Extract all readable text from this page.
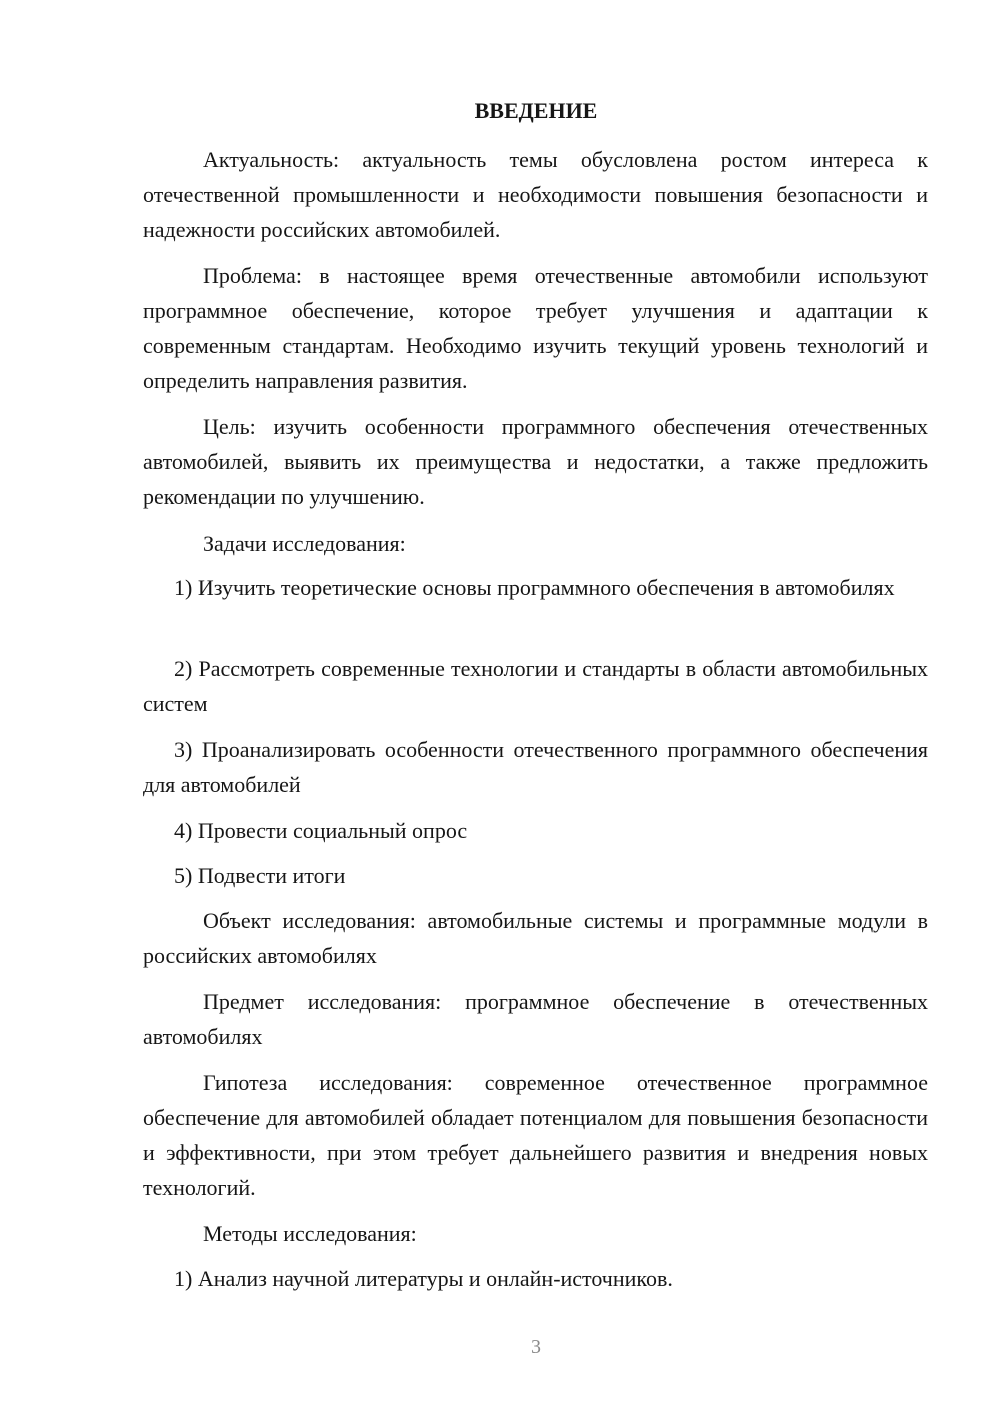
ВВЕДЕНИЕ

Актуальность: актуальность темы обусловлена ростом интереса к отечественной промышленности и необходимости повышения безопасности и надежности российских автомобилей.

Проблема: в настоящее время отечественные автомобили используют программное обеспечение, которое требует улучшения и адаптации к современным стандартам. Необходимо изучить текущий уровень технологий и определить направления развития.

Цель: изучить особенности программного обеспечения отечественных автомобилей, выявить их преимущества и недостатки, а также предложить рекомендации по улучшению.

Задачи исследования:

1) Изучить теоретические основы программного обеспечения в автомобилях

2) Рассмотреть современные технологии и стандарты в области автомобильных систем

3) Проанализировать особенности отечественного программного обеспечения для автомобилей

4) Провести социальный опрос

5) Подвести итоги

Объект исследования: автомобильные системы и программные модули в российских автомобилях

Предмет исследования: программное обеспечение в отечественных автомобилях

Гипотеза исследования: современное отечественное программное обеспечение для автомобилей обладает потенциалом для повышения безопасности и эффективности, при этом требует дальнейшего развития и внедрения новых технологий.

Методы исследования:

1) Анализ научной литературы и онлайн-источников.

3
